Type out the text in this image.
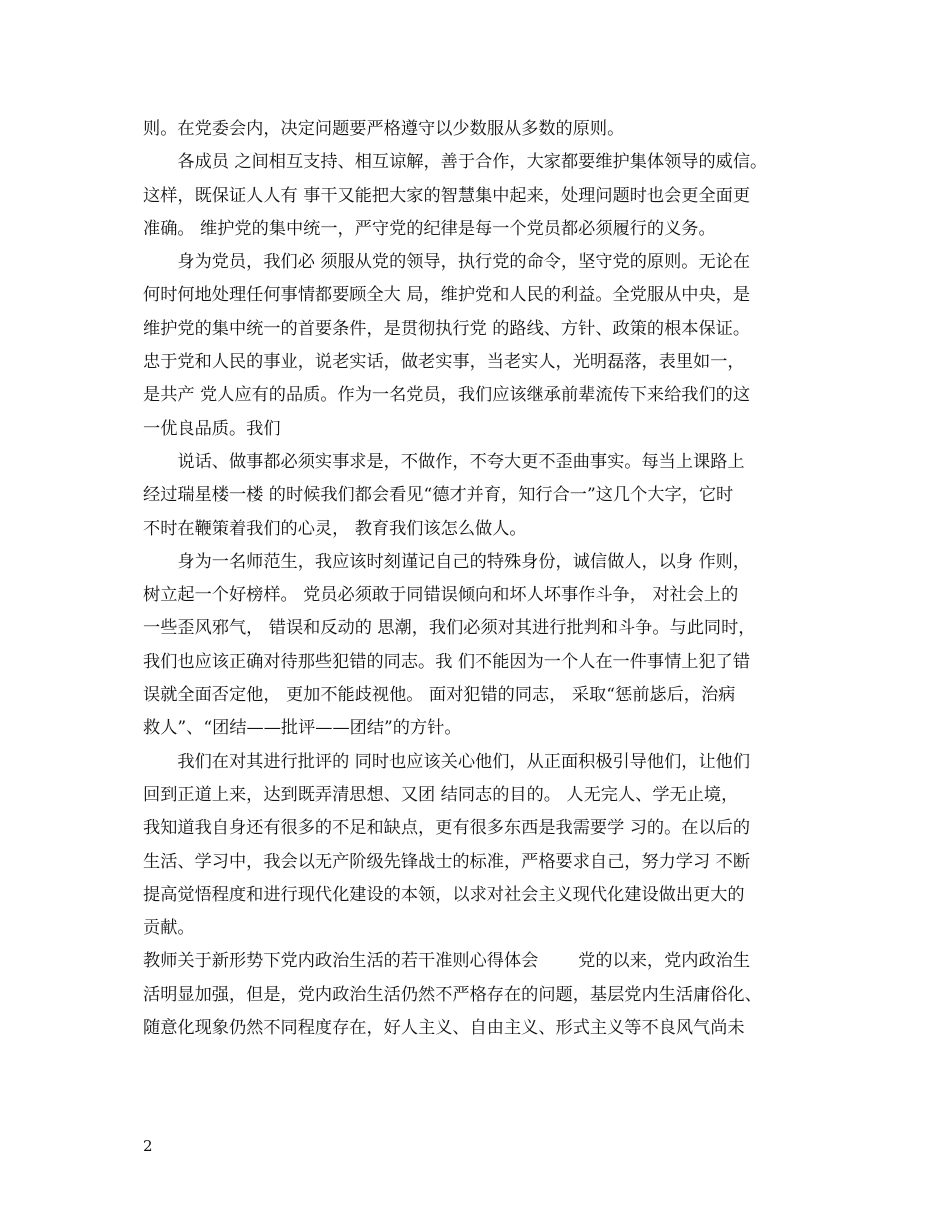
则。在党委会内，决定问题要严格遵守以少数服从多数的原则。
　　各成员 之间相互支持、相互谅解，善于合作，大家都要维护集体领导的威信。
这样，既保证人人有 事干又能把大家的智慧集中起来，处理问题时也会更全面更
准确。 维护党的集中统一，严守党的纪律是每一个党员都必须履行的义务。
　　身为党员，我们必 须服从党的领导，执行党的命令，坚守党的原则。无论在
何时何地处理任何事情都要顾全大 局，维护党和人民的利益。全党服从中央，是
维护党的集中统一的首要条件，是贯彻执行党 的路线、方针、政策的根本保证。
忠于党和人民的事业，说老实话，做老实事，当老实人，光明磊落，表里如一，
是共产 党人应有的品质。作为一名党员，我们应该继承前辈流传下来给我们的这
一优良品质。我们
　　说话、做事都必须实事求是，不做作，不夸大更不歪曲事实。每当上课路上
经过瑞星楼一楼 的时候我们都会看见“德才并育，知行合一”这几个大字，它时
不时在鞭策着我们的心灵， 教育我们该怎么做人。
　　身为一名师范生，我应该时刻谨记自己的特殊身份，诚信做人，以身 作则，
树立起一个好榜样。 党员必须敢于同错误倾向和坏人坏事作斗争， 对社会上的
一些歪风邪气， 错误和反动的 思潮，我们必须对其进行批判和斗争。与此同时，
我们也应该正确对待那些犯错的同志。我 们不能因为一个人在一件事情上犯了错
误就全面否定他， 更加不能歧视他。 面对犯错的同志， 采取“惩前毖后，治病
救人”、“团结——批评——团结”的方针。
　　我们在对其进行批评的 同时也应该关心他们，从正面积极引导他们，让他们
回到正道上来，达到既弄清思想、又团 结同志的目的。 人无完人、学无止境，
我知道我自身还有很多的不足和缺点，更有很多东西是我需要学 习的。在以后的
生活、学习中，我会以无产阶级先锋战士的标准，严格要求自己，努力学习 不断
提高觉悟程度和进行现代化建设的本领，以求对社会主义现代化建设做出更大的
贡献。
教师关于新形势下党内政治生活的若干准则心得体会 　　党的以来，党内政治生
活明显加强，但是，党内政治生活仍然不严格存在的问题，基层党内生活庸俗化、
随意化现象仍然不同程度存在，好人主义、自由主义、形式主义等不良风气尚未
2
